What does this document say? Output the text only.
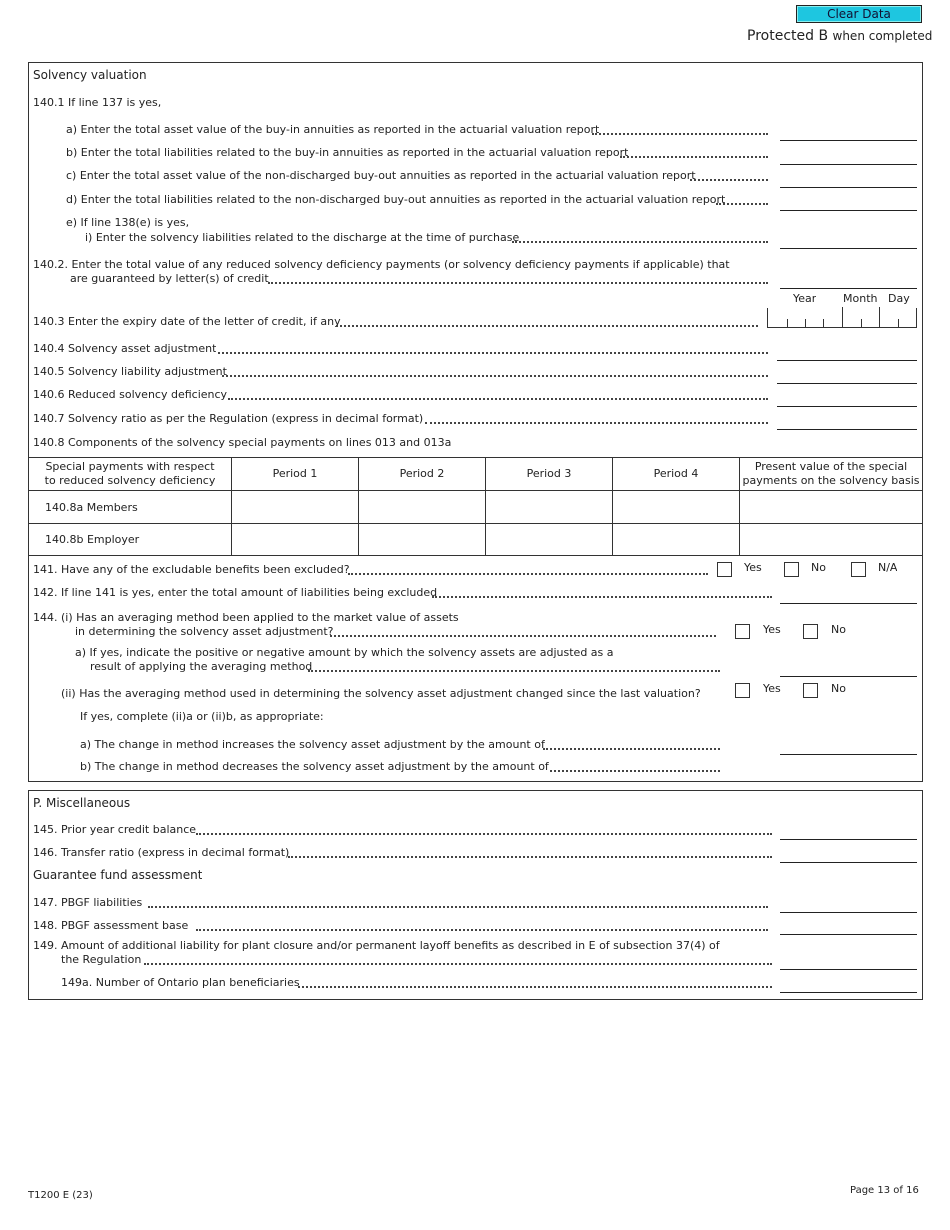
Clear Data
Protected B when completed
Solvency valuation
140.1 If line 137 is yes,
a) Enter the total asset value of the buy-in annuities as reported in the actuarial valuation report
b) Enter the total liabilities related to the buy-in annuities as reported in the actuarial valuation report
c) Enter the total asset value of the non-discharged buy-out annuities as reported in the actuarial valuation report
d) Enter the total liabilities related to the non-discharged buy-out annuities as reported in the actuarial valuation report
e) If line 138(e) is yes,
i) Enter the solvency liabilities related to the discharge at the time of purchase
140.2. Enter the total value of any reduced solvency deficiency payments (or solvency deficiency payments if applicable) that
are guaranteed by letter(s) of credit
Year Month Day
140.3 Enter the expiry date of the letter of credit, if any
140.4 Solvency asset adjustment
140.5 Solvency liability adjustment
140.6 Reduced solvency deficiency
140.7 Solvency ratio as per the Regulation (express in decimal format)
140.8 Components of the solvency special payments on lines 013 and 013a
Special payments with respect
to reduced solvency deficiency	Period 1	Period 2	Period 3	Period 4	Present value of the special
payments on the solvency basis
140.8a Members					
140.8b Employer					
141. Have any of the excludable benefits been excluded?	Yes	No	N/A
142. If line 141 is yes, enter the total amount of liabilities being excluded
144. (i) Has an averaging method been applied to the market value of assets
in determining the solvency asset adjustment?	Yes	No
a) If yes, indicate the positive or negative amount by which the solvency assets are adjusted as a
result of applying the averaging method
(ii) Has the averaging method used in determining the solvency asset adjustment changed since the last valuation?	Yes	No
If yes, complete (ii)a or (ii)b, as appropriate:
a) The change in method increases the solvency asset adjustment by the amount of
b) The change in method decreases the solvency asset adjustment by the amount of
P. Miscellaneous
145. Prior year credit balance
146. Transfer ratio (express in decimal format)
Guarantee fund assessment
147. PBGF liabilities
148. PBGF assessment base
149. Amount of additional liability for plant closure and/or permanent layoff benefits as described in E of subsection 37(4) of
the Regulation
149a. Number of Ontario plan beneficiaries
T1200 E (23)	Page 13 of 16
